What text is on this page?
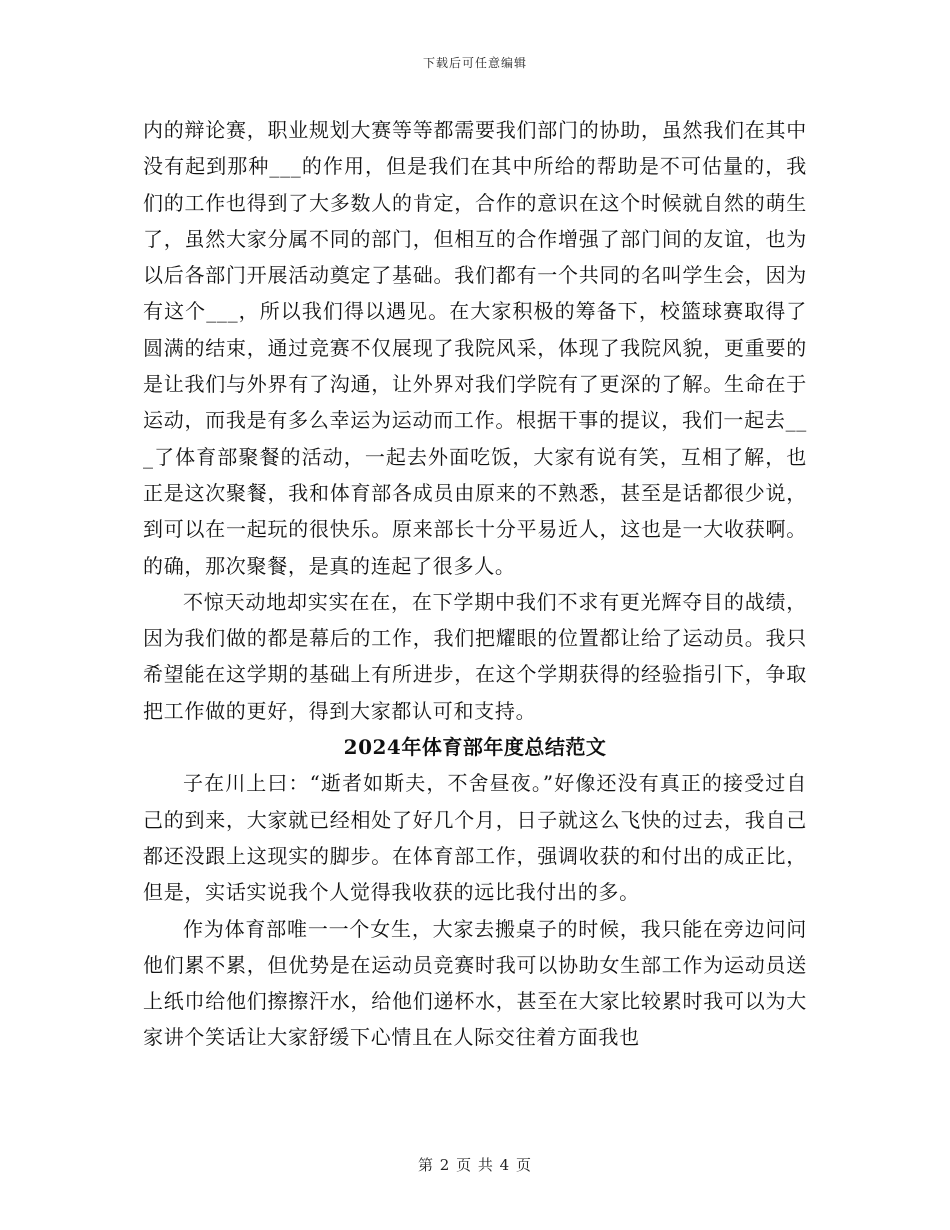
下载后可任意编辑

内的辩论赛，职业规划大赛等等都需要我们部门的协助，虽然我们在其中没有起到那种___的作用，但是我们在其中所给的帮助是不可估量的，我们的工作也得到了大多数人的肯定，合作的意识在这个时候就自然的萌生了，虽然大家分属不同的部门，但相互的合作增强了部门间的友谊，也为以后各部门开展活动奠定了基础。我们都有一个共同的名叫学生会，因为有这个___，所以我们得以遇见。在大家积极的筹备下，校篮球赛取得了圆满的结束，通过竞赛不仅展现了我院风采，体现了我院风貌，更重要的是让我们与外界有了沟通，让外界对我们学院有了更深的了解。生命在于运动，而我是有多么幸运为运动而工作。根据干事的提议，我们一起去___了体育部聚餐的活动，一起去外面吃饭，大家有说有笑，互相了解，也正是这次聚餐，我和体育部各成员由原来的不熟悉，甚至是话都很少说，到可以在一起玩的很快乐。原来部长十分平易近人，这也是一大收获啊。的确，那次聚餐，是真的连起了很多人。

不惊天动地却实实在在，在下学期中我们不求有更光辉夺目的战绩，因为我们做的都是幕后的工作，我们把耀眼的位置都让给了运动员。我只希望能在这学期的基础上有所进步，在这个学期获得的经验指引下，争取把工作做的更好，得到大家都认可和支持。

2024年体育部年度总结范文

子在川上曰：“逝者如斯夫，不舍昼夜。”好像还没有真正的接受过自己的到来，大家就已经相处了好几个月，日子就这么飞快的过去，我自己都还没跟上这现实的脚步。在体育部工作，强调收获的和付出的成正比，但是，实话实说我个人觉得我收获的远比我付出的多。

作为体育部唯一一个女生，大家去搬桌子的时候，我只能在旁边问问他们累不累，但优势是在运动员竞赛时我可以协助女生部工作为运动员送上纸巾给他们擦擦汗水，给他们递杯水，甚至在大家比较累时我可以为大家讲个笑话让大家舒缓下心情且在人际交往着方面我也

第 2 页 共 4 页
